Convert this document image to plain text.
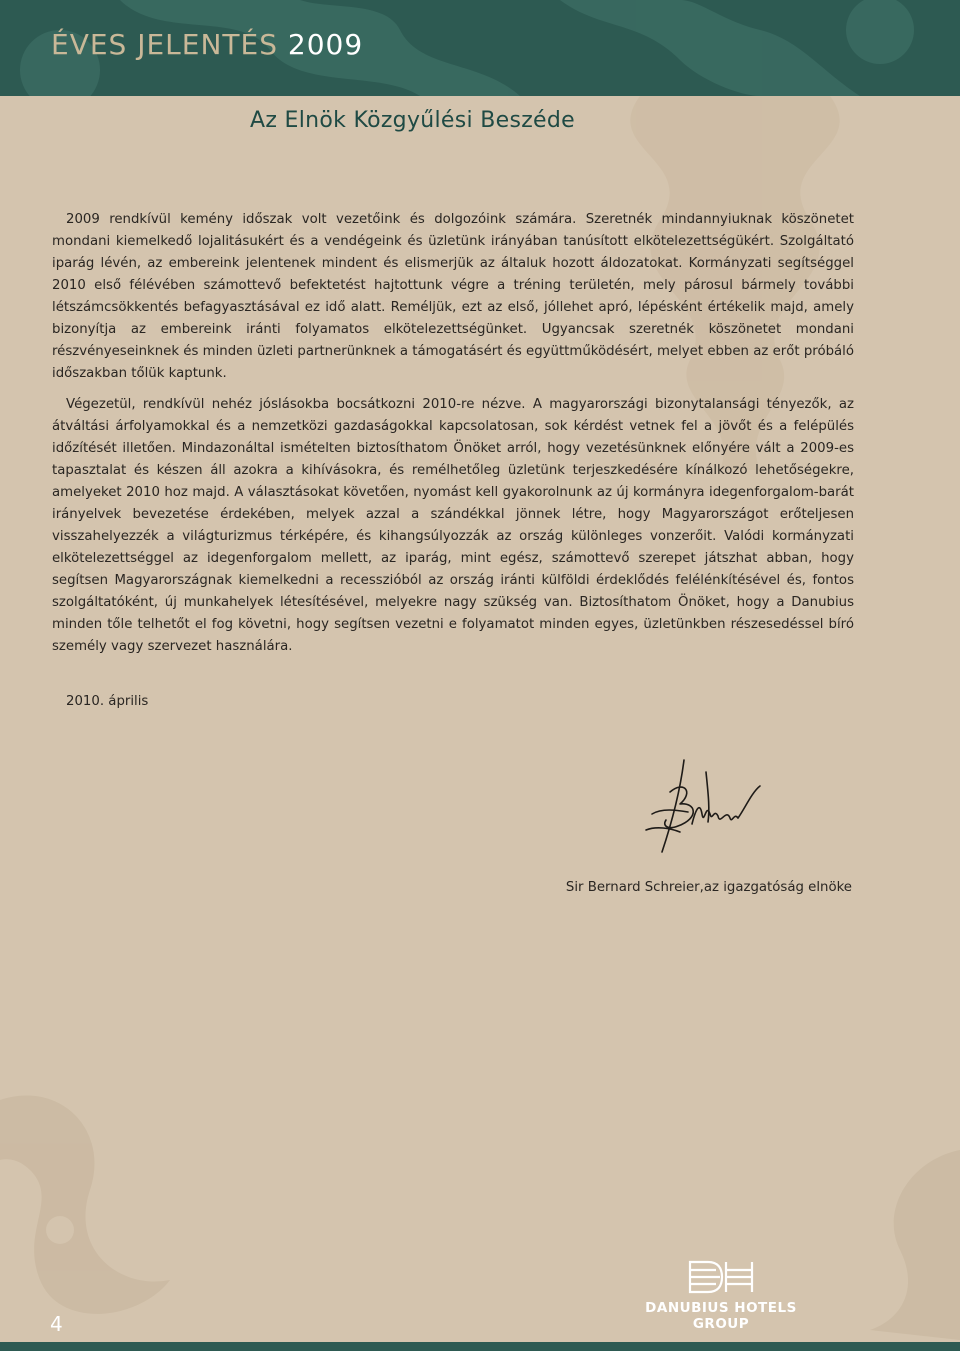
ÉVES JELENTÉS 2009
Az Elnök Közgyűlési Beszéde

2009 rendkívül kemény időszak volt vezetőink és dolgozóink számára. Szeretnék mindannyiuknak köszönetet mondani kiemelkedő lojalitásukért és a vendégeink és üzletünk irányában tanúsított elkötelezettségükért. Szolgáltató iparág lévén, az embereink jelentenek mindent és elismerjük az általuk hozott áldozatokat. Kormányzati segítséggel 2010 első félévében számottevő befektetést hajtottunk végre a tréning területén, mely párosul bármely további létszámcsökkentés befagyasztásával ez idő alatt. Reméljük, ezt az első, jóllehet apró, lépésként értékelik majd, amely bizonyítja az embereink iránti folyamatos elkötelezettségünket. Ugyancsak szeretnék köszönetet mondani részvényeseinknek és minden üzleti partnerünknek a támogatásért és együttműködésért, melyet ebben az erőt próbáló időszakban tőlük kaptunk.

Végezetül, rendkívül nehéz jóslásokba bocsátkozni 2010-re nézve. A magyarországi bizonytalansági tényezők, az átváltási árfolyamokkal és a nemzetközi gazdaságokkal kapcsolatosan, sok kérdést vetnek fel a jövőt és a felépülés időzítését illetően. Mindazonáltal ismételten biztosíthatom Önöket arról, hogy vezetésünknek előnyére vált a 2009-es tapasztalat és készen áll azokra a kihívásokra, és remélhetőleg üzletünk terjeszkedésére kínálkozó lehetőségekre, amelyeket 2010 hoz majd. A választásokat követően, nyomást kell gyakorolnunk az új kormányra idegenforgalom-barát irányelvek bevezetése érdekében, melyek azzal a szándékkal jönnek létre, hogy Magyarországot erőteljesen visszahelyezzék a világturizmus térképére, és kihangsúlyozzák az ország különleges vonzerőit. Valódi kormányzati elkötelezettséggel az idegenforgalom mellett, az iparág, mint egész, számottevő szerepet játszhat abban, hogy segítsen Magyarországnak kiemelkedni a recesszióból az ország iránti külföldi érdeklődés felélénkítésével és, fontos szolgáltatóként, új munkahelyek létesítésével, melyekre nagy szükség van. Biztosíthatom Önöket, hogy a Danubius minden tőle telhetőt el fog követni, hogy segítsen vezetni e folyamatot minden egyes, üzletünkben részesedéssel bíró személy vagy szervezet használára.

2010. április
Sir Bernard Schreier,az igazgatóság elnöke
4
DANUBIUS HOTELS
GROUP
